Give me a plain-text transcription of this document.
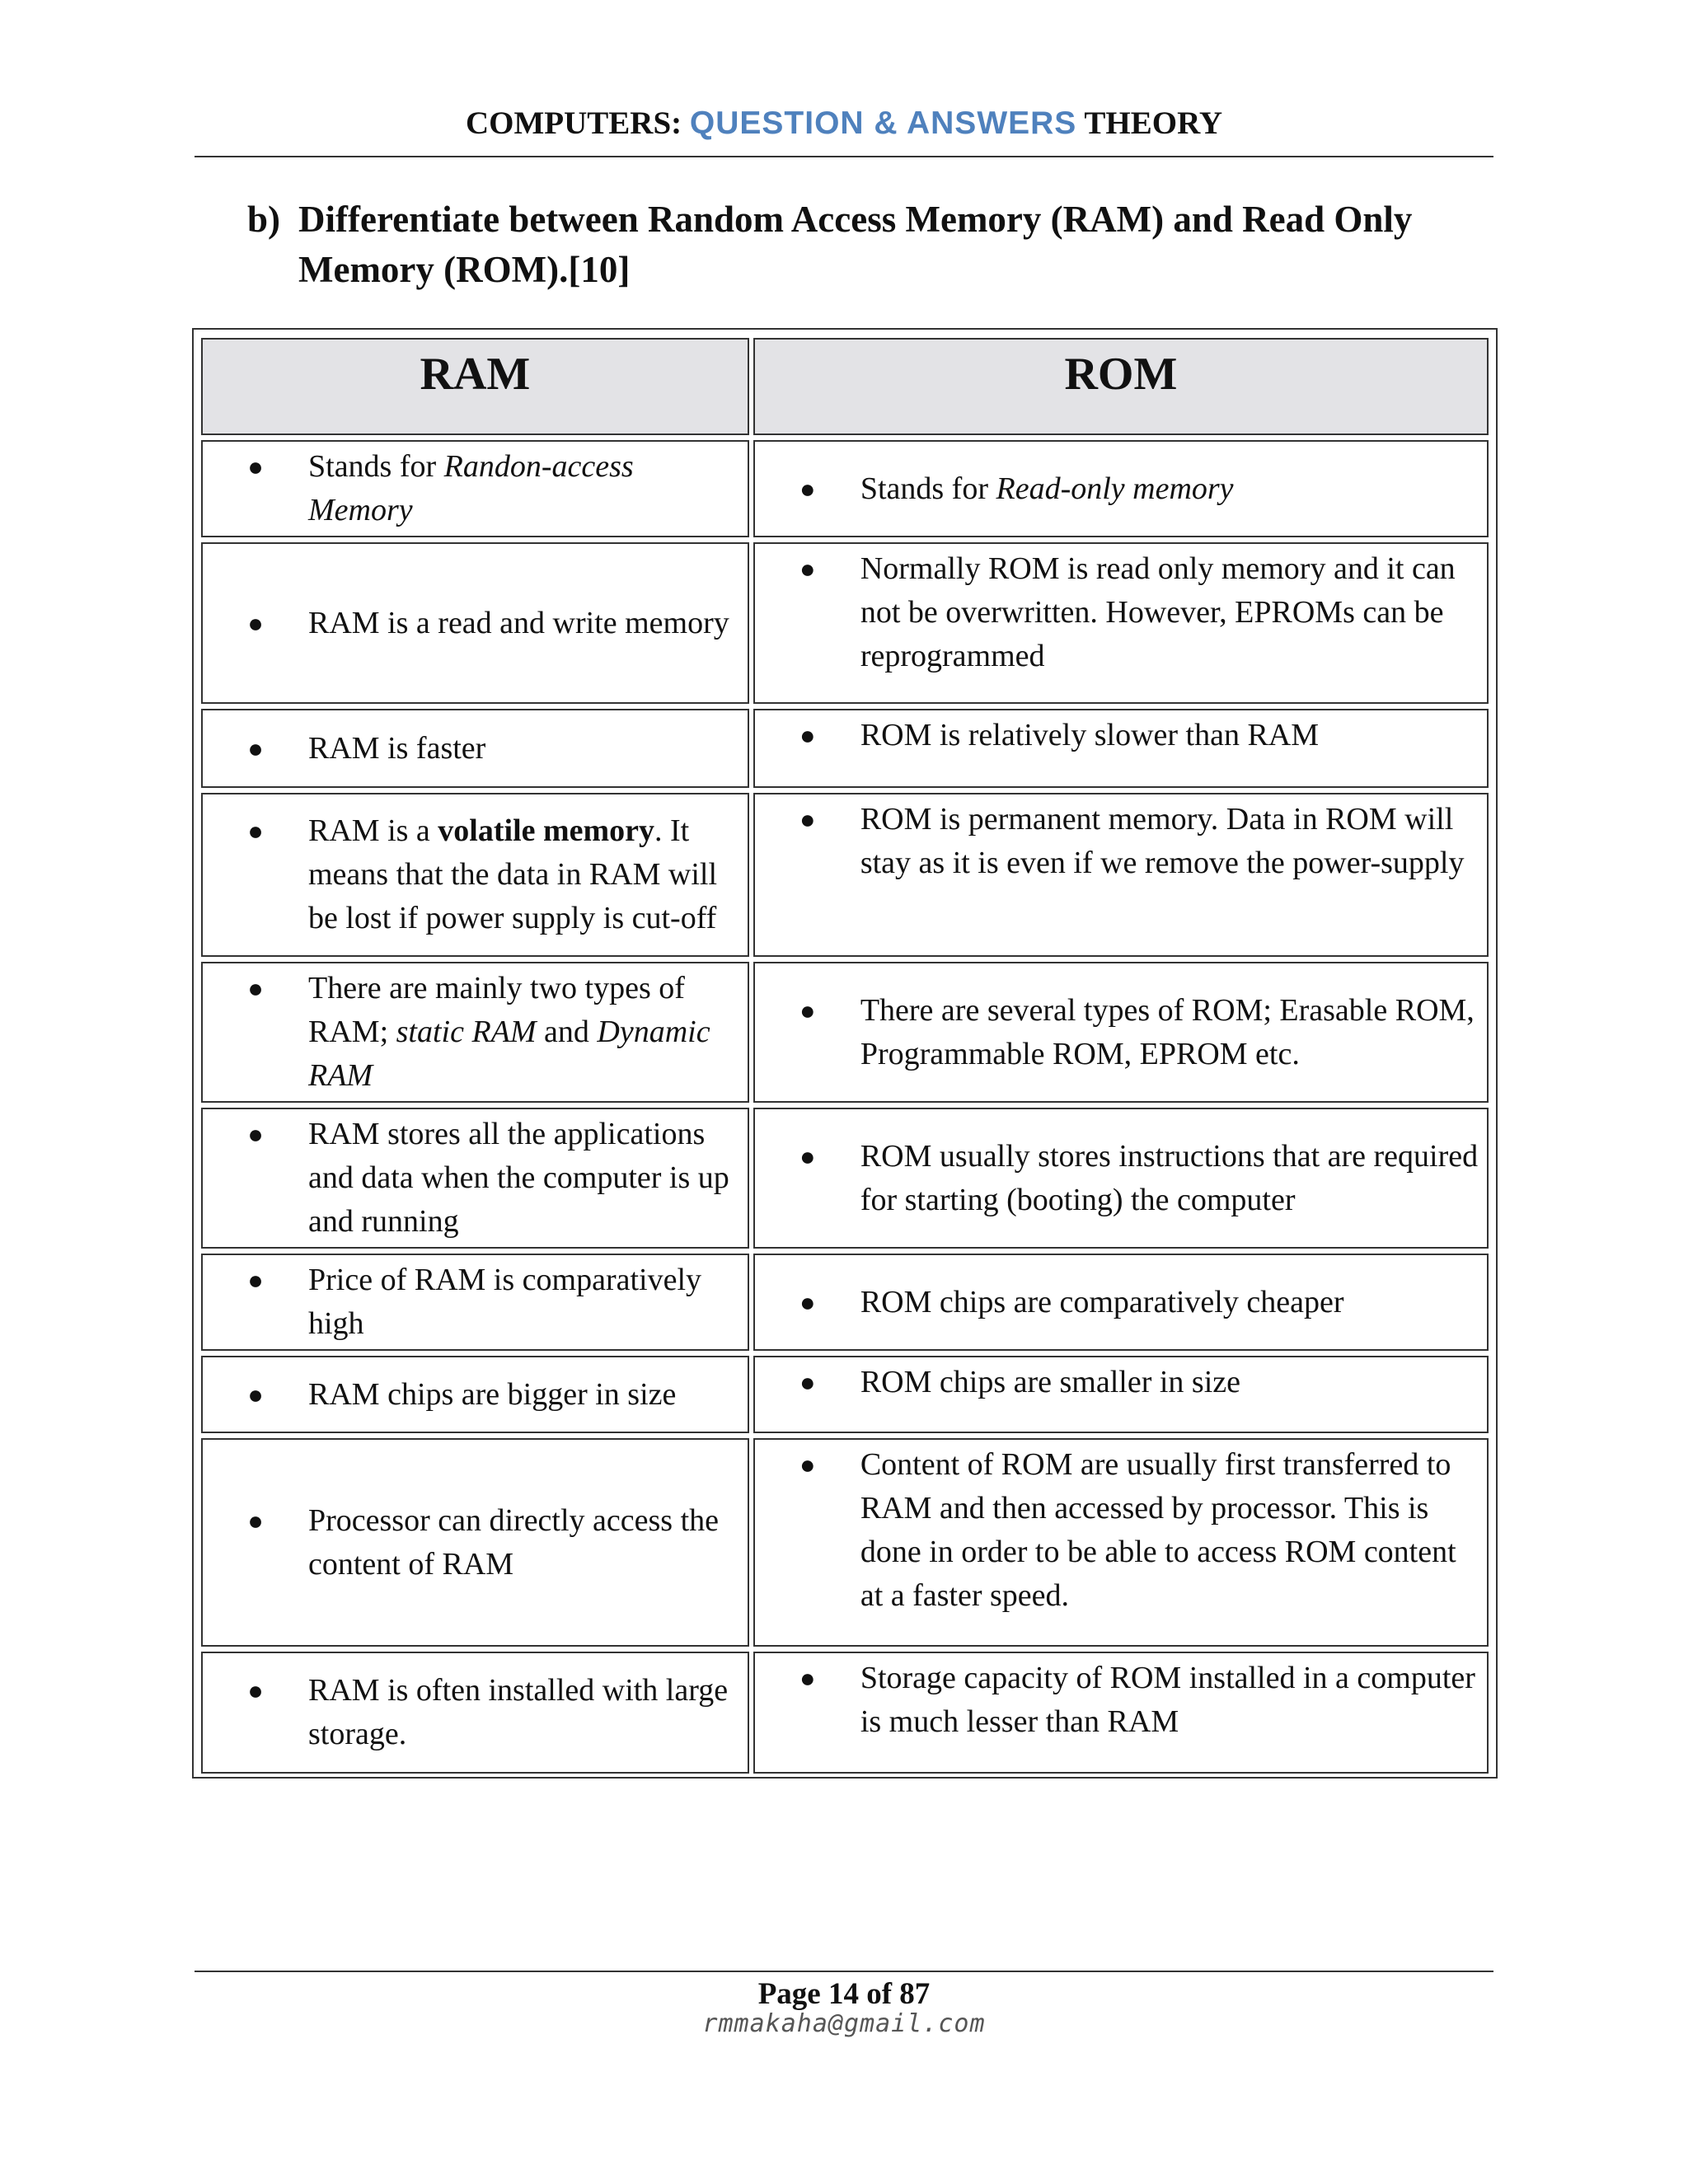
COMPUTERS: QUESTION & ANSWERS THEORY
b) Differentiate between Random Access Memory (RAM) and Read Only Memory (ROM).[10]
RAM	ROM

● Stands for Randon-access Memory	● Stands for Read-only memory

● RAM is a read and write memory	● Normally ROM is read only memory and it can not be overwritten. However, EPROMs can be reprogrammed

● RAM is faster	● ROM is relatively slower than RAM

● RAM is a volatile memory. It means that the data in RAM will be lost if power supply is cut-off	● ROM is permanent memory. Data in ROM will stay as it is even if we remove the power-supply

● There are mainly two types of RAM; static RAM and Dynamic RAM	● There are several types of ROM; Erasable ROM, Programmable ROM, EPROM etc.

● RAM stores all the applications and data when the computer is up and running	● ROM usually stores instructions that are required for starting (booting) the computer

● Price of RAM is comparatively high	● ROM chips are comparatively cheaper

● RAM chips are bigger in size	● ROM chips are smaller in size

● Processor can directly access the content of RAM	● Content of ROM are usually first transferred to RAM and then accessed by processor. This is done in order to be able to access ROM content at a faster speed.

● RAM is often installed with large storage.	● Storage capacity of ROM installed in a computer is much lesser than RAM
Page 14 of 87
rmmakaha@gmail.com
